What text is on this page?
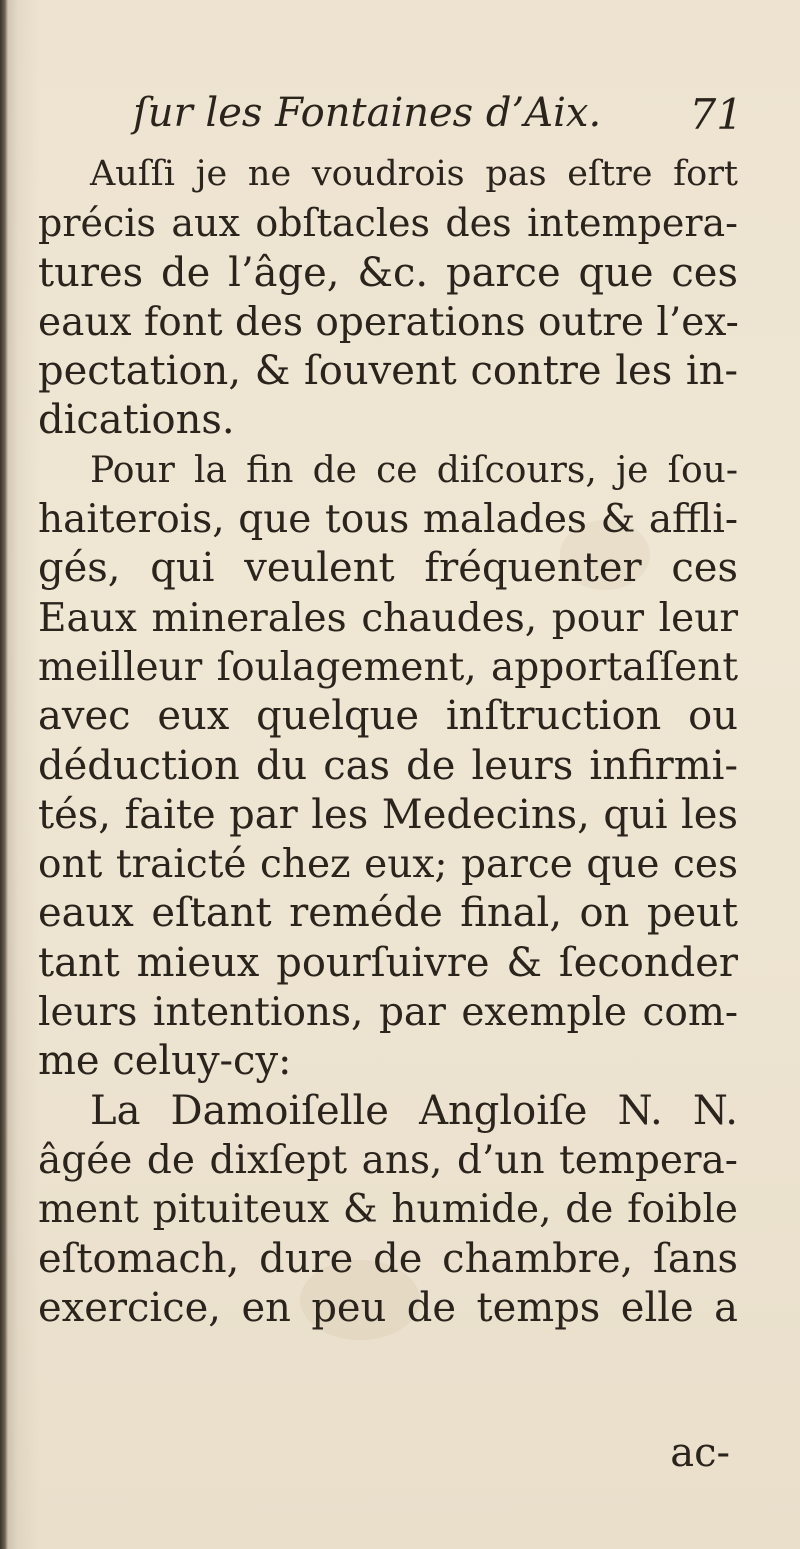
ſur les Fontaines d’Aix. 71
Auſſi je ne voudrois pas eſtre fort
précis aux obſtacles des intempera-
tures de l’âge, &c. parce que ces
eaux font des operations outre l’ex-
pectation, & ſouvent contre les in-
dications.
Pour la fin de ce diſcours, je ſou-
haiterois, que tous malades & affli-
gés, qui veulent fréquenter ces
Eaux minerales chaudes, pour leur
meilleur ſoulagement, apportaſſent
avec eux quelque inſtruction ou
déduction du cas de leurs infirmi-
tés, faite par les Medecins, qui les
ont traicté chez eux; parce que ces
eaux eſtant reméde final, on peut
tant mieux pourſuivre & ſeconder
leurs intentions, par exemple com-
me celuy-cy:
La Damoiſelle Angloiſe N. N.
âgée de dixſept ans, d’un tempera-
ment pituiteux & humide, de foible
eſtomach, dure de chambre, ſans
exercice, en peu de temps elle a
ac-
